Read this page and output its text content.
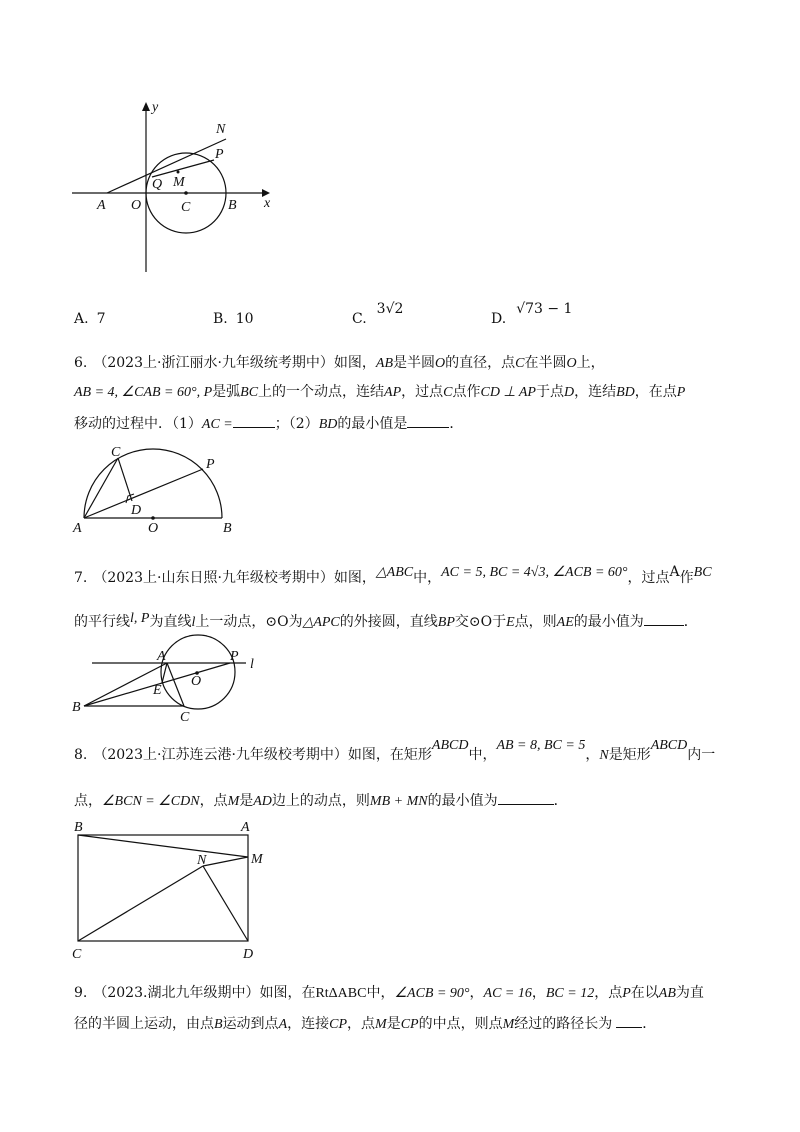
y
x
N
P
Q M
A O	C	B
A. 7	B. 10	C.3√2
D.√73 − 1
6. （2023上·浙江丽水·九年级统考期中）如图，AB是半圆O的直径，点C在半圆O上，
AB = 4, ∠CAB = 60°, P是弧BC上的一个动点，连结AP，过点C点作CD ⊥ AP于点D，连结BD，在点P
移动的过程中．（1）AC =	；（2）BD的最小值是	．
C
P
D
A	O	B
7. （2023上·山东日照·九年级校考期中）如图，△ABC中，AC = 5, BC = 4√3, ∠ACB = 60°，过点A作BC
的平行线l, P为直线l上一动点，⊙O为△APC的外接圆，直线BP交⊙O于E点，则AE的最小值为	．
A	P
l
O
E
B
C
8. （2023上·江苏连云港·九年级校考期中）如图，在矩形ABCD中，AB = 8, BC = 5，N是矩形ABCD内一
点，∠BCN = ∠CDN，点M是AD边上的动点，则MB + MN的最小值为	．
B	A
N	M
C	D
9. （2023.湖北九年级期中）如图，在RtΔABC中，∠ACB = 90°，AC = 16，BC = 12，点P在以AB为直
径的半圆上运动，由点B运动到点A，连接CP，点M是CP的中点，则点M经过的路径长为 ．
